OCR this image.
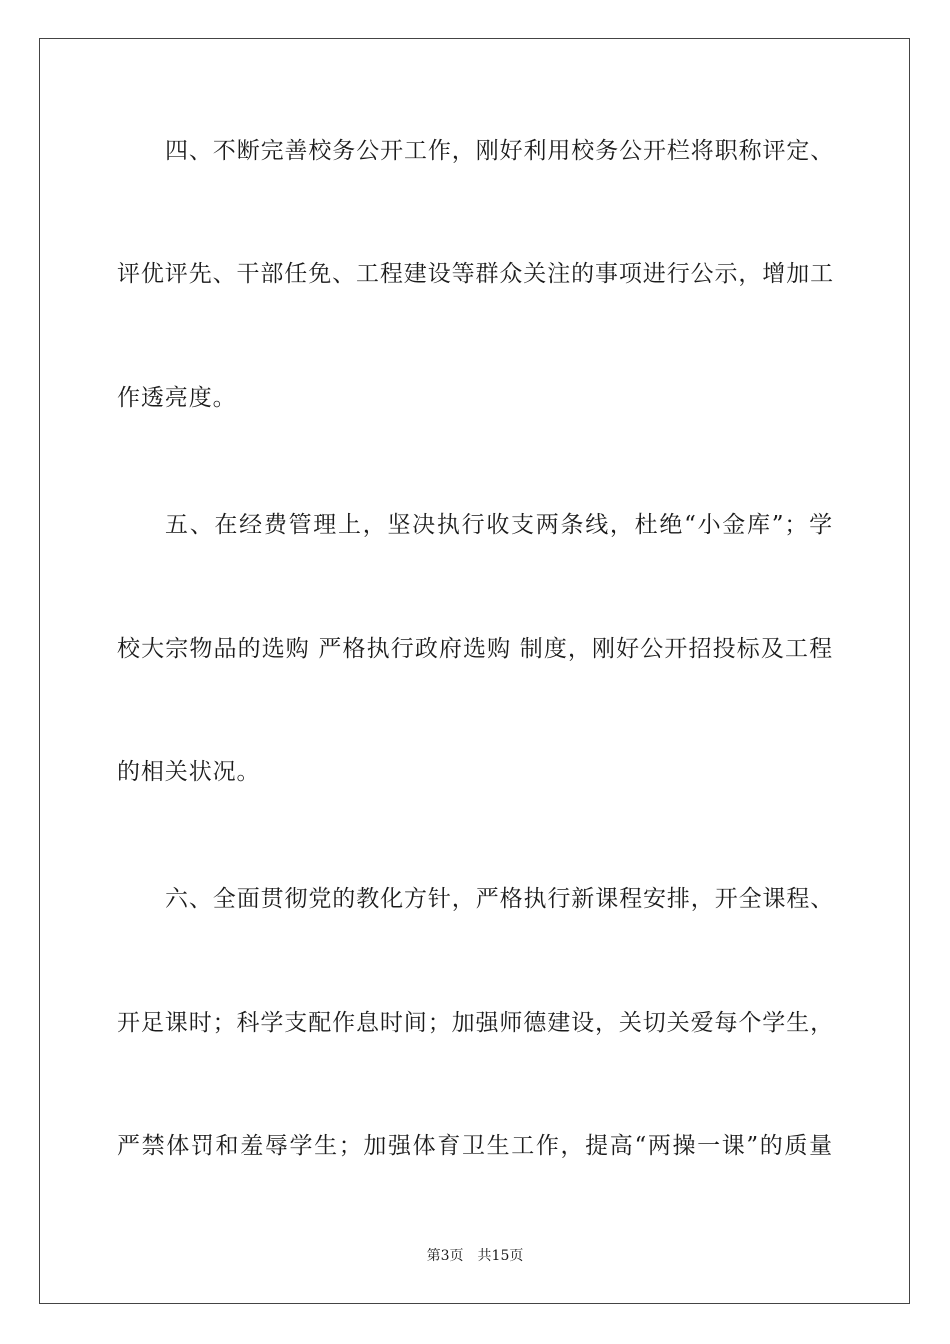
四、不断完善校务公开工作，刚好利用校务公开栏将职称评定、
评优评先、干部任免、工程建设等群众关注的事项进行公示，增加工
作透亮度。
五、在经费管理上，坚决执行收支两条线，杜绝“小金库”；学
校大宗物品的选购 严格执行政府选购 制度，刚好公开招投标及工程
的相关状况。
六、全面贯彻党的教化方针，严格执行新课程安排，开全课程、
开足课时；科学支配作息时间；加强师德建设，关切关爱每个学生，
严禁体罚和羞辱学生；加强体育卫生工作，提高“两操一课”的质量
第3页 共15页
